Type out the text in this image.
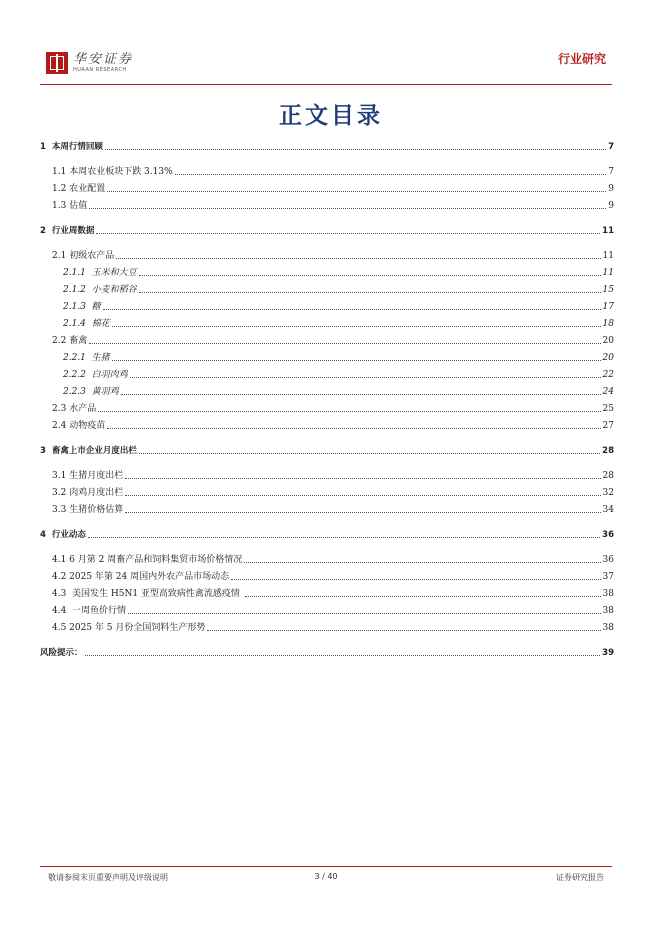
华安证券
HUAAN RESEARCH
行业研究
正文目录
1 本周行情回顾	7
1.1 本周农业板块下跌 3.13%	7
1.2 农业配置	9
1.3 估值	9
2 行业周数据	11
2.1 初级农产品	11
2.1.1 玉米和大豆	11
2.1.2 小麦和稻谷	15
2.1.3 糖	17
2.1.4 棉花	18
2.2 畜禽	20
2.2.1 生猪	20
2.2.2 白羽肉鸡	22
2.2.3 黄羽鸡	24
2.3 水产品	25
2.4 动物疫苗	27
3 畜禽上市企业月度出栏	28
3.1 生猪月度出栏	28
3.2 肉鸡月度出栏	32
3.3 生猪价格估算	34
4 行业动态	36
4.1 6 月第 2 周畜产品和饲料集贸市场价格情况	36
4.2 2025 年第 24 周国内外农产品市场动态	37
4.3  美国发生 H5N1 亚型高致病性禽流感疫情	38
4.4  一周鱼价行情	38
4.5 2025 年 5 月份全国饲料生产形势	38
风险提示：	39
敬请参阅末页重要声明及评级说明	3 / 40	证券研究报告
